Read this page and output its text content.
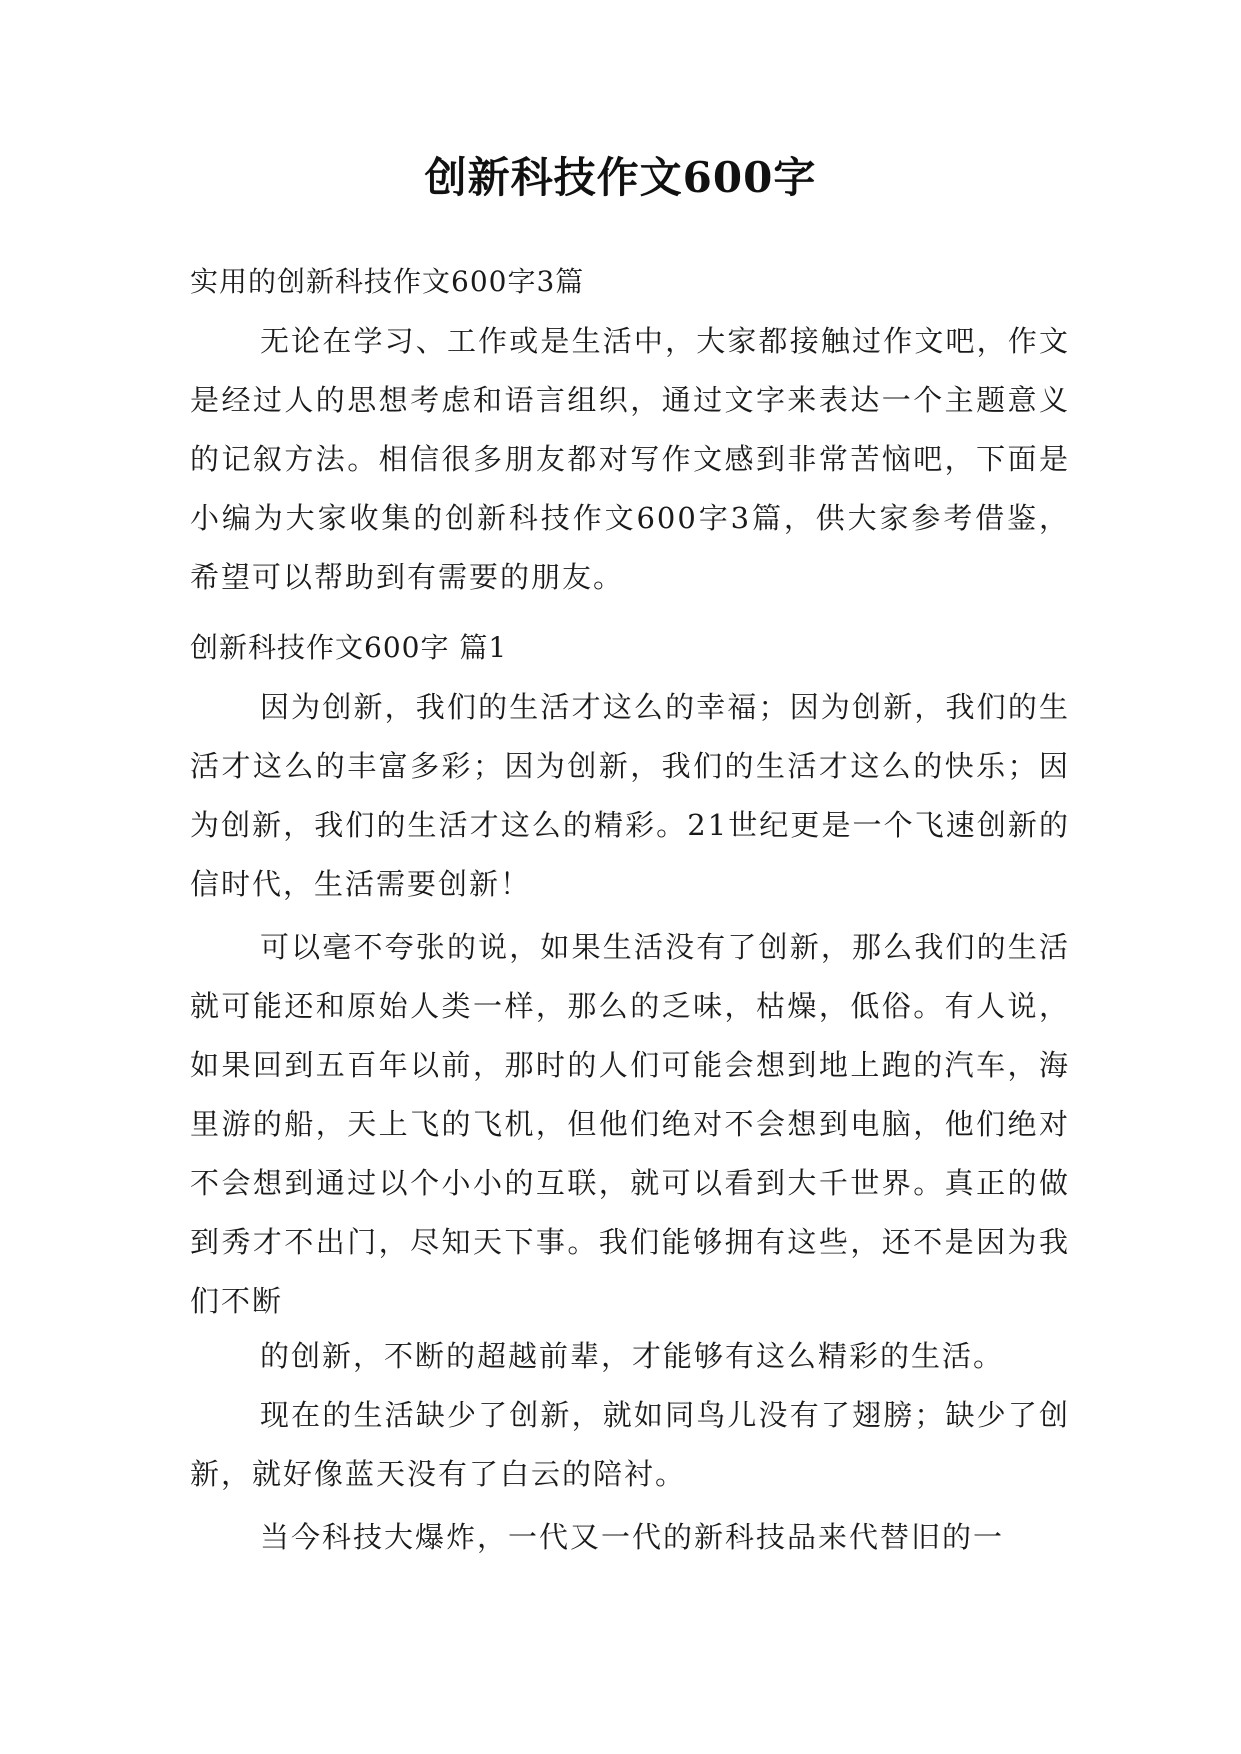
创新科技作文600字
实用的创新科技作文600字3篇
无论在学习、工作或是生活中，大家都接触过作文吧，作文是经过人的思想考虑和语言组织，通过文字来表达一个主题意义的记叙方法。相信很多朋友都对写作文感到非常苦恼吧，下面是小编为大家收集的创新科技作文600字3篇，供大家参考借鉴，希望可以帮助到有需要的朋友。
创新科技作文600字 篇1
因为创新，我们的生活才这么的幸福；因为创新，我们的生活才这么的丰富多彩；因为创新，我们的生活才这么的快乐；因为创新，我们的生活才这么的精彩。21世纪更是一个飞速创新的信时代，生活需要创新！
可以毫不夸张的说，如果生活没有了创新，那么我们的生活就可能还和原始人类一样，那么的乏味，枯燥，低俗。有人说，如果回到五百年以前，那时的人们可能会想到地上跑的汽车，海里游的船，天上飞的飞机，但他们绝对不会想到电脑，他们绝对不会想到通过以个小小的互联，就可以看到大千世界。真正的做到秀才不出门，尽知天下事。我们能够拥有这些，还不是因为我们不断
的创新，不断的超越前辈，才能够有这么精彩的生活。
现在的生活缺少了创新，就如同鸟儿没有了翅膀；缺少了创新，就好像蓝天没有了白云的陪衬。
当今科技大爆炸，一代又一代的新科技品来代替旧的一
